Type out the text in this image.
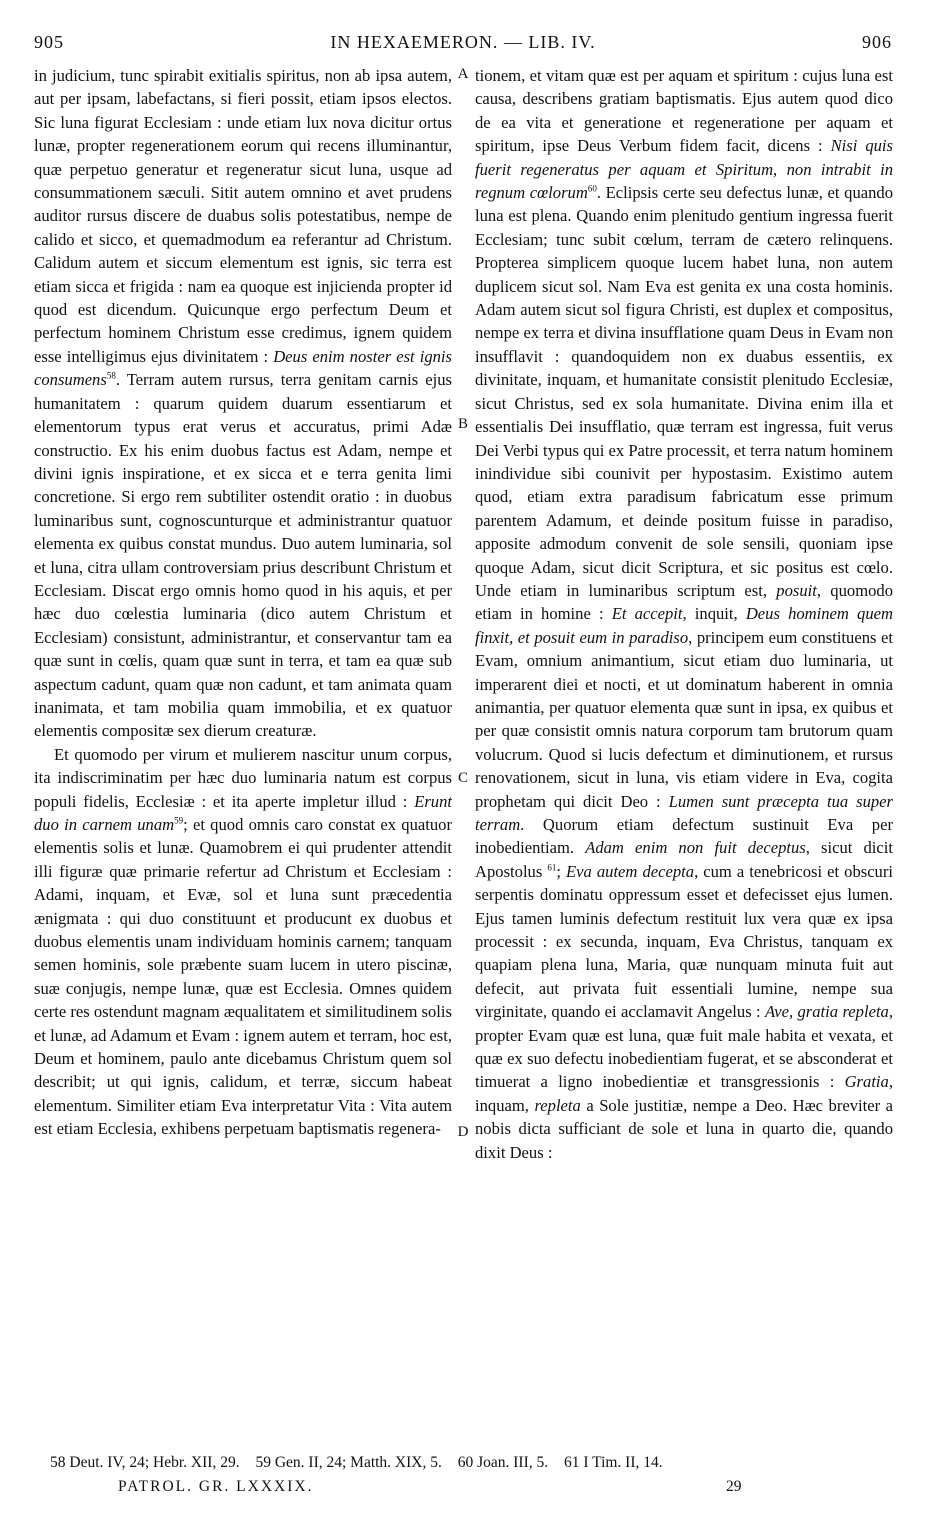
905	IN HEXAEMERON. — LIB. IV.	906

in judicium, tunc spirabit exitialis spiritus, non ab ipsa autem, aut per ipsam, labefactans, si fieri possit, etiam ipsos electos. Sic luna figurat Ecclesiam : unde etiam lux nova dicitur ortus lunæ, propter regenerationem eorum qui recens illuminantur, quæ perpetuo generatur et regeneratur sicut luna, usque ad consummationem sæculi. Sitit autem omnino et avet prudens auditor rursus discere de duabus solis potestatibus, nempe de calido et sicco, et quemadmodum ea referantur ad Christum. Calidum autem et siccum elementum est ignis, sic terra est etiam sicca et frigida : nam ea quoque est injicienda propter id quod est dicendum. Quicunque ergo perfectum Deum et perfectum hominem Christum esse credimus, ignem quidem esse intelligimus ejus divinitatem : Deus enim noster est ignis consumens$^{58}$. Terram autem rursus, terra genitam carnis ejus humanitatem : quarum quidem duarum essentiarum et elementorum typus erat verus et accuratus, primi Adæ constructio. Ex his enim duobus factus est Adam, nempe et divini ignis inspiratione, et ex sicca et e terra genita limi concretione. Si ergo rem subtiliter ostendit oratio : in duobus luminaribus sunt, cognoscunturque et administrantur quatuor elementa ex quibus constat mundus. Duo autem luminaria, sol et luna, citra ullam controversiam prius describunt Christum et Ecclesiam. Discat ergo omnis homo quod in his aquis, et per hæc duo cœlestia luminaria (dico autem Christum et Ecclesiam) consistunt, administrantur, et conservantur tam ea quæ sunt in cœlis, quam quæ sunt in terra, et tam ea quæ sub aspectum cadunt, quam quæ non cadunt, et tam animata quam inanimata, et tam mobilia quam immobilia, et ex quatuor elementis compositæ sex dierum creaturæ.

Et quomodo per virum et mulierem nascitur unum corpus, ita indiscriminatim per hæc duo luminaria natum est corpus populi fidelis, Ecclesiæ : et ita aperte impletur illud : Erunt duo in carnem unam$^{59}$; et quod omnis caro constat ex quatuor elementis solis et lunæ. Quamobrem ei qui prudenter attendit illi figuræ quæ primarie refertur ad Christum et Ecclesiam : Adami, inquam, et Evæ, sol et luna sunt præcedentia ænigmata : qui duo constituunt et producunt ex duobus et duobus elementis unam individuam hominis carnem; tanquam semen hominis, sole præbente suam lucem in utero piscinæ, suæ conjugis, nempe lunæ, quæ est Ecclesia. Omnes quidem certe res ostendunt magnam æqualitatem et similitudinem solis et lunæ, ad Adamum et Evam : ignem autem et terram, hoc est, Deum et hominem, paulo ante dicebamus Christum quem sol describit; ut qui ignis, calidum, et terræ, siccum habeat elementum. Similiter etiam Eva interpretatur Vita : Vita autem est etiam Ecclesia, exhibens perpetuam baptismatis regenera-

A
B
C
D

tionem, et vitam quæ est per aquam et spiritum : cujus luna est causa, describens gratiam baptismatis. Ejus autem quod dico de ea vita et generatione et regeneratione per aquam et spiritum, ipse Deus Verbum fidem facit, dicens : Nisi quis fuerit regeneratus per aquam et Spiritum, non intrabit in regnum cœlorum$^{60}$. Eclipsis certe seu defectus lunæ, et quando luna est plena. Quando enim plenitudo gentium ingressa fuerit Ecclesiam; tunc subit cœlum, terram de cætero relinquens. Propterea simplicem quoque lucem habet luna, non autem duplicem sicut sol. Nam Eva est genita ex una costa hominis. Adam autem sicut sol figura Christi, est duplex et compositus, nempe ex terra et divina insufflatione quam Deus in Evam non insufflavit : quandoquidem non ex duabus essentiis, ex divinitate, inquam, et humanitate consistit plenitudo Ecclesiæ, sicut Christus, sed ex sola humanitate. Divina enim illa et essentialis Dei insufflatio, quæ terram est ingressa, fuit verus Dei Verbi typus qui ex Patre processit, et terra natum hominem inindividue sibi counivit per hypostasim. Existimo autem quod, etiam extra paradisum fabricatum esse primum parentem Adamum, et deinde positum fuisse in paradiso, apposite admodum convenit de sole sensili, quoniam ipse quoque Adam, sicut dicit Scriptura, et sic positus est cœlo. Unde etiam in luminaribus scriptum est, posuit, quomodo etiam in homine : Et accepit, inquit, Deus hominem quem finxit, et posuit eum in paradiso, principem eum constituens et Evam, omnium animantium, sicut etiam duo luminaria, ut imperarent diei et nocti, et ut dominatum haberent in omnia animantia, per quatuor elementa quæ sunt in ipsa, ex quibus et per quæ consistit omnis natura corporum tam brutorum quam volucrum. Quod si lucis defectum et diminutionem, et rursus renovationem, sicut in luna, vis etiam videre in Eva, cogita prophetam qui dicit Deo : Lumen sunt præcepta tua super terram. Quorum etiam defectum sustinuit Eva per inobedientiam. Adam enim non fuit deceptus, sicut dicit Apostolus $^{61}$; Eva autem decepta, cum a tenebricosi et obscuri serpentis dominatu oppressum esset et defecisset ejus lumen. Ejus tamen luminis defectum restituit lux vera quæ ex ipsa processit : ex secunda, inquam, Eva Christus, tanquam ex quapiam plena luna, Maria, quæ nunquam minuta fuit aut defecit, aut privata fuit essentiali lumine, nempe sua virginitate, quando ei acclamavit Angelus : Ave, gratia repleta, propter Evam quæ est luna, quæ fuit male habita et vexata, et quæ ex suo defectu inobedientiam fugerat, et se absconderat et timuerat a ligno inobedientiæ et transgressionis : Gratia, inquam, repleta a Sole justitiæ, nempe a Deo. Hæc breviter a nobis dicta sufficiant de sole et luna in quarto die, quando dixit Deus :

58 Deut. IV, 24; Hebr. XII, 29. 59 Gen. II, 24; Matth. XIX, 5. 60 Joan. III, 5. 61 I Tim. II, 14.
PATROL. GR. LXXXIX.	29
